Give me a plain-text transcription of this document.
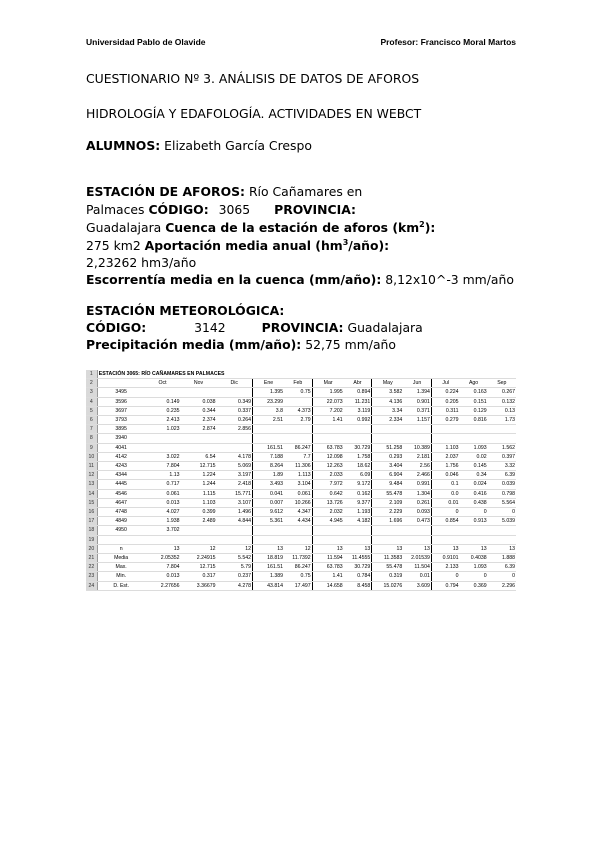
Universidad Pablo de Olavide	Profesor: Francisco Moral Martos
CUESTIONARIO Nº 3. ANÁLISIS DE DATOS DE AFOROS
HIDROLOGÍA Y EDAFOLOGÍA. ACTIVIDADES EN WEBCT
ALUMNOS: Elizabeth García Crespo
ESTACIÓN DE AFOROS: Río Cañamares en
Palmaces CÓDIGO: 3065 PROVINCIA:
Guadalajara Cuenca de la estación de aforos $(km^2)$:
275 km2 Aportación media anual $(hm^3/año)$:
2,23262 hm3/año
Escorrentía media en la cuenca (mm/año): 8,12x10^-3 mm/año
ESTACIÓN METEOROLÓGICA:
CÓDIGO:	3142	PROVINCIA: Guadalajara
Precipitación media (mm/año): 52,75 mm/año
1	ESTACIÓN 3065: RÍO CAÑAMARES EN PALMACES												
2		Oct	Nov	Dic	Ene	Feb	Mar	Abr	May	Jun	Jul	Ago	Sep
3	3495				1.395	0.75	1.995	0.894	3.582	1.394	0.224	0.163	0.267
4	3596	0.149	0.038	0.349	23.299		22.073	11.231	4.136	0.901	0.205	0.151	0.132
5	3697	0.235	0.344	0.337	3.8	4.373	7.202	3.119	3.34	0.371	0.311	0.129	0.13
6	3793	2.413	2.374	0.264	2.51	2.79	1.41	0.992	2.334	1.157	0.279	0.816	1.73
7	3895	1.023	2.874	2.856									
8	3940												
9	4041				161.51	86.247	63.783	30.729	51.258	10.389	1.103	1.093	1.562
10	4142	3.022	6.54	4.178	7.188	7.7	12.098	1.758	0.293	2.181	2.037	0.02	0.397
11	4243	7.804	12.715	5.069	8.264	11.306	12.263	18.62	3.404	2.56	1.756	0.145	3.32
12	4344	1.13	1.224	3.197	1.89	1.113	2.033	6.09	6.904	2.466	0.046	0.34	6.39
13	4445	0.717	1.244	2.418	3.493	3.104	7.972	9.172	9.484	0.991	0.1	0.024	0.039
14	4546	0.061	1.115	15.771	0.041	0.061	0.642	0.162	55.478	1.304	0.0	0.416	0.798
15	4647	0.013	1.103	3.107	0.007	10.266	13.726	9.377	2.109	0.261	0.01	0.438	5.564
16	4748	4.027	0.399	1.496	9.612	4.347	2.032	1.193	2.229	0.093	0	0	0
17	4849	1.938	2.489	4.844	5.361	4.434	4.945	4.182	1.696	0.473	0.854	0.913	5.039
18	4950	3.702											
19													
20	n	13	12	12	13	12	13	13	13	13	13	13	13
21	Media	2.05352	2.24915	5.542	18.819	11.7392	11.594	11.4555	11.3583	2.01539	0.9101	0.4038	1.888
22	Max.	7.804	12.715	5.79	161.51	86.247	63.783	30.729	55.478	11.504	2.133	1.093	6.39
23	Min.	0.013	0.317	0.237	1.389	0.75	1.41	0.784	0.319	0.01	0	0	0
24	D. Est.	2.27656	3.36679	4.278	43.814	17.497	14.658	8.458	15.0276	3.609	0.794	0.369	2.296
